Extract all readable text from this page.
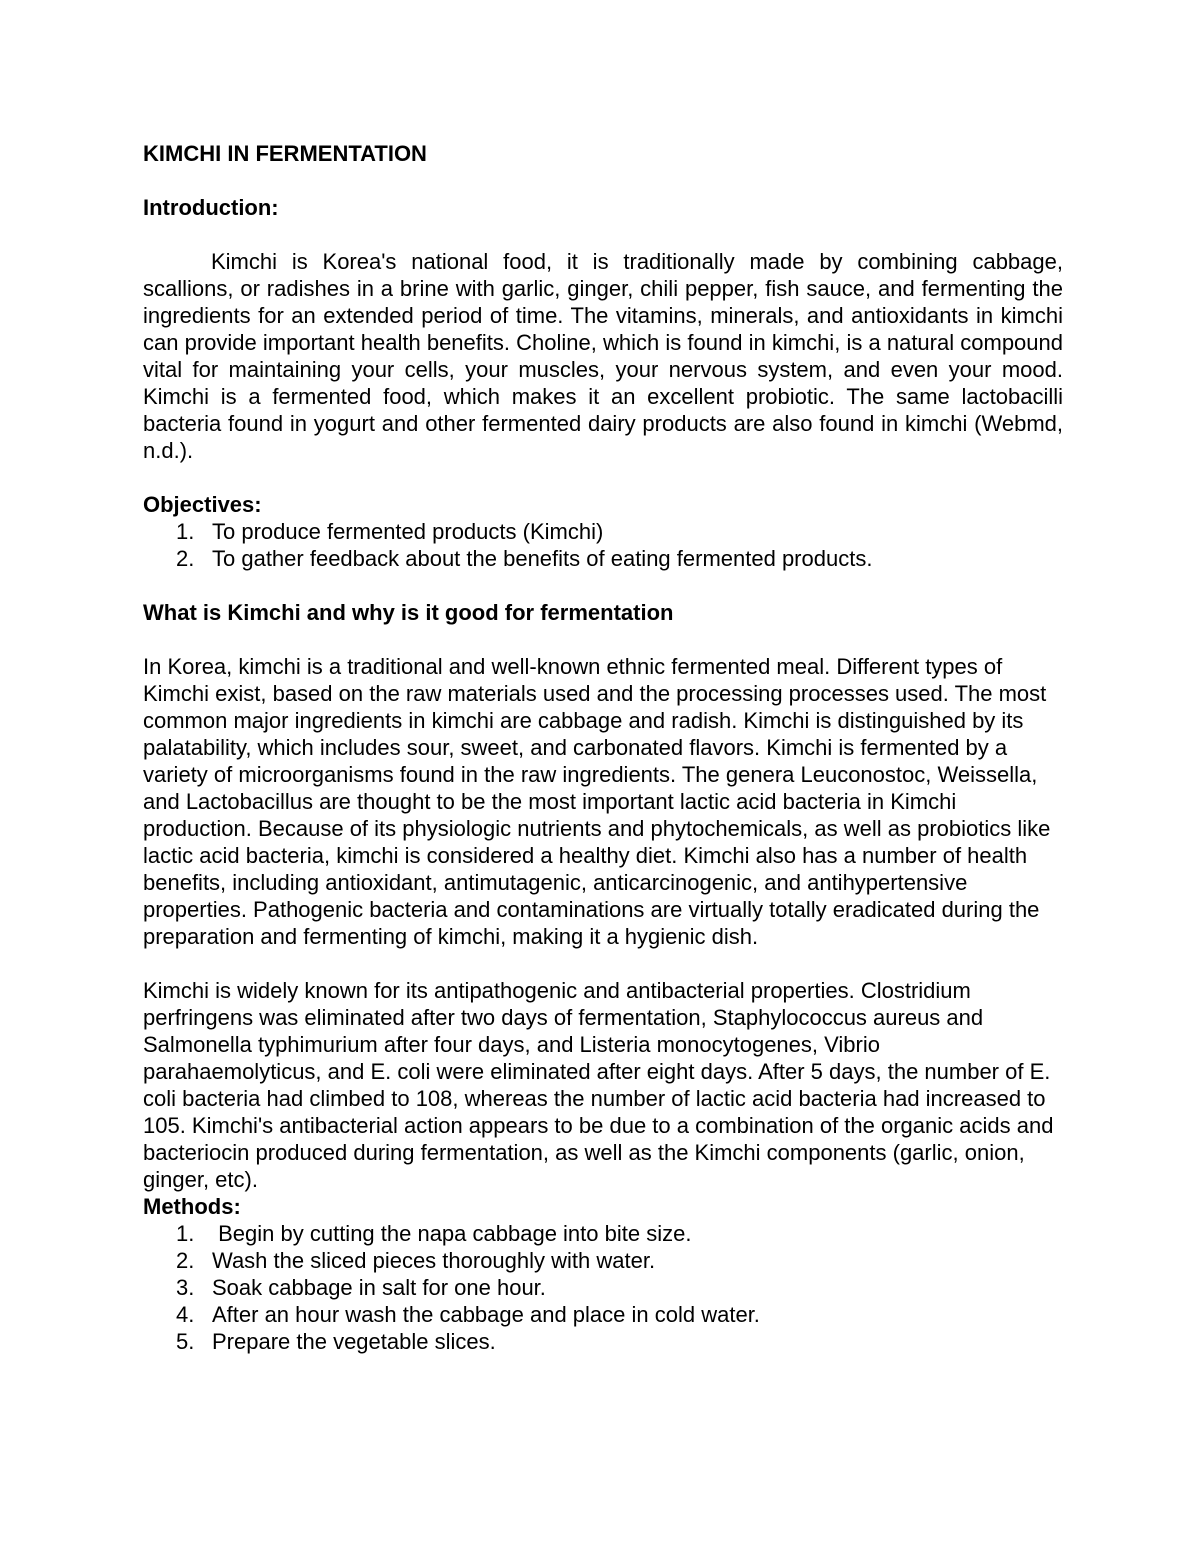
KIMCHI IN FERMENTATION

Introduction:

Kimchi is Korea's national food, it is traditionally made by combining cabbage, scallions, or radishes in a brine with garlic, ginger, chili pepper, fish sauce, and fermenting the ingredients for an extended period of time. The vitamins, minerals, and antioxidants in kimchi can provide important health benefits. Choline, which is found in kimchi, is a natural compound vital for maintaining your cells, your muscles, your nervous system, and even your mood. Kimchi is a fermented food, which makes it an excellent probiotic. The same lactobacilli bacteria found in yogurt and other fermented dairy products are also found in kimchi (Webmd, n.d.).

Objectives:

1. To produce fermented products (Kimchi)
2. To gather feedback about the benefits of eating fermented products.

What is Kimchi and why is it good for fermentation

In Korea, kimchi is a traditional and well-known ethnic fermented meal. Different types of Kimchi exist, based on the raw materials used and the processing processes used. The most common major ingredients in kimchi are cabbage and radish. Kimchi is distinguished by its palatability, which includes sour, sweet, and carbonated flavors. Kimchi is fermented by a variety of microorganisms found in the raw ingredients. The genera Leuconostoc, Weissella, and Lactobacillus are thought to be the most important lactic acid bacteria in Kimchi production. Because of its physiologic nutrients and phytochemicals, as well as probiotics like lactic acid bacteria, kimchi is considered a healthy diet. Kimchi also has a number of health benefits, including antioxidant, antimutagenic, anticarcinogenic, and antihypertensive properties. Pathogenic bacteria and contaminations are virtually totally eradicated during the preparation and fermenting of kimchi, making it a hygienic dish.

Kimchi is widely known for its antipathogenic and antibacterial properties. Clostridium perfringens was eliminated after two days of fermentation, Staphylococcus aureus and Salmonella typhimurium after four days, and Listeria monocytogenes, Vibrio parahaemolyticus, and E. coli were eliminated after eight days. After 5 days, the number of E. coli bacteria had climbed to 108, whereas the number of lactic acid bacteria had increased to 105. Kimchi's antibacterial action appears to be due to a combination of the organic acids and bacteriocin produced during fermentation, as well as the Kimchi components (garlic, onion, ginger, etc).

Methods:

1. Begin by cutting the napa cabbage into bite size.
2. Wash the sliced pieces thoroughly with water.
3. Soak cabbage in salt for one hour.
4. After an hour wash the cabbage and place in cold water.
5. Prepare the vegetable slices.
